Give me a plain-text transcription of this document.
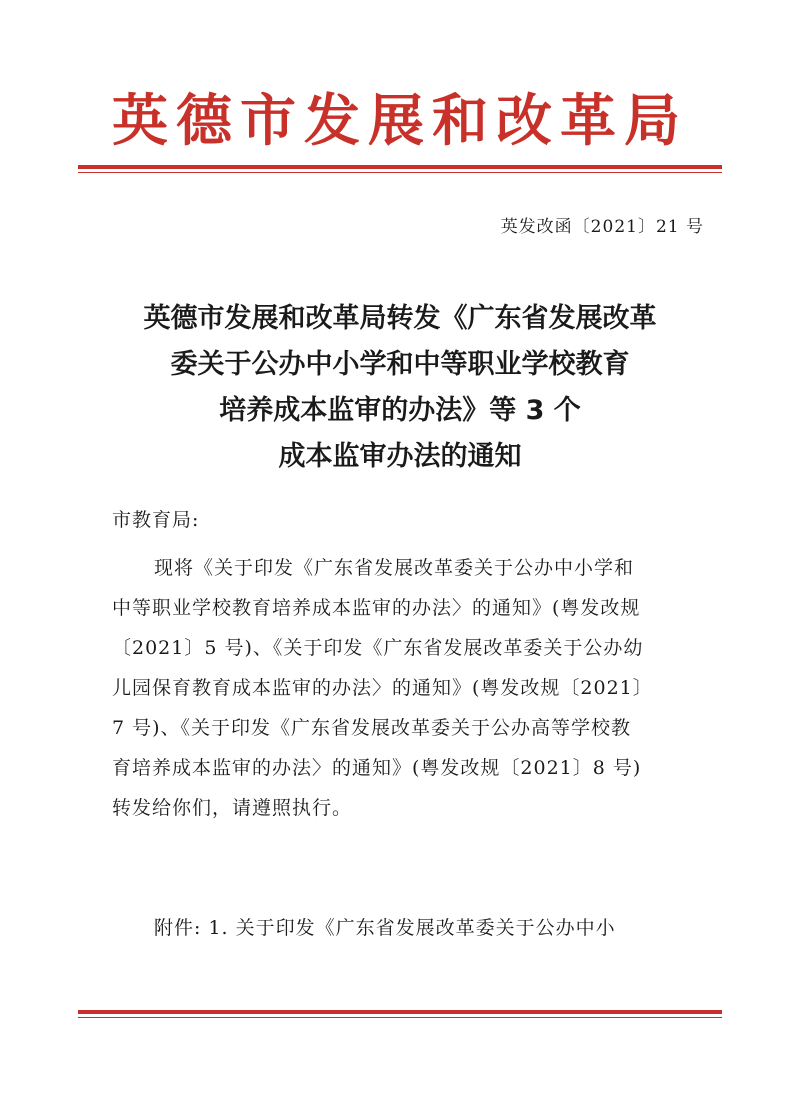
英德市发展和改革局
英发改函〔2021〕21 号
英德市发展和改革局转发《广东省发展改革
委关于公办中小学和中等职业学校教育
培养成本监审的办法》等 3 个
成本监审办法的通知
市教育局:
现将《关于印发《广东省发展改革委关于公办中小学和
中等职业学校教育培养成本监审的办法〉的通知》(粤发改规
〔2021〕5 号)、《关于印发《广东省发展改革委关于公办幼
儿园保育教育成本监审的办法〉的通知》(粤发改规〔2021〕
7 号)、《关于印发《广东省发展改革委关于公办高等学校教
育培养成本监审的办法〉的通知》(粤发改规〔2021〕8 号)
转发给你们，请遵照执行。
附件: 1. 关于印发《广东省发展改革委关于公办中小
